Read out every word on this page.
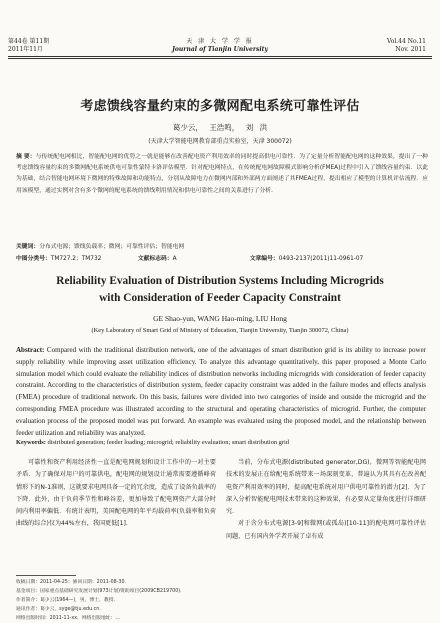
第44卷 第11期
2011年11月
天 津 大 学 学 报
Journal of Tianjin University
Vol.44 No.11
Nov. 2011
考虑馈线容量约束的多微网配电系统可靠性评估
葛少云， 王浩鸣， 刘 洪
(天津大学智能电网教育部重点实验室，天津 300072)
摘 要：与传统配电网相比，智能配电网的优势之一就是能够在改善配电资产利用效率的同时提高供电可靠性．为了定量分析智能配电网的这种效果，提出了一种考虑馈线容量约束的多微网配电系统供电可靠性蒙特卡洛评估模型．针对配电网特点，在传统配电网故障模式影响分析(FMEA)过程中引入了馈线容量约束．以此为基础，结合智能电网环境下微网的特殊故障和功能特点，分别从故障电力在微网内部和外部两方面阐述了其FMEA过程，提出相应了模型的计算机评估流程．应用该模型，通过实例对含有多个微网的配电系统的馈线利用情况和供电可靠性之间的关系进行了分析．
关键词：分布式电源；馈线负载率；微网；可靠性评估；智能电网
中图分类号：TM727.2；TM732	文献标志码：A	文章编号：0493-2137(2011)11-0961-07
Reliability Evaluation of Distribution Systems Including Microgrids
with Consideration of Feeder Capacity Constraint
GE Shao-yun, WANG Hao-ming, LIU Hong
(Key Laboratory of Smart Grid of Ministry of Education, Tianjin University, Tianjin 300072, China)
Abstract: Compared with the traditional distribution network, one of the advantages of smart distribution grid is its ability to increase power supply reliability while improving asset utilization efficiency. To analyze this advantage quantitatively, this paper proposed a Monte Carlo simulation model which could evaluate the reliability indices of distribution networks including microgrids with consideration of feeder capacity constraint. According to the characteristics of distribution system, feeder capacity constraint was added in the failure modes and effects analysis (FMEA) procedure of traditional network. On this basis, failures were divided into two categories of inside and outside the microgrid and the corresponding FMEA procedure was illustrated according to the structural and operating characteristics of microgrid. Further, the computer evaluation process of the proposed model was put forward. An example was evaluated using the proposed model, and the relationship between feeder utilization and reliability was analyzed.
Keywords: distributed generation; feeder loading; microgrid; reliability evaluation; smart distribution grid
可靠性和资产利用经济性一直是配电网规划和设计工作中的一对主要矛盾．为了确保对用户的可靠供电，配电网的规划设计通常需要遵循峰荷情形下的N-1准则，这就要求电网具备一定的冗余度，造成了设备负载率的下降．此外，由于负荷季节性和峰谷差，更加导致了配电网资产大部分时间内利用率偏低．有统计表明，美国配电网的年平均载荷率(负载率和负荷曲线的综合)仅为44%左右，我国更低[1]．
当前，分布式电源(distributed generator,DG)，微网等智能配电网技术的发展正在给配电系统带来一场深刻变革，普遍认为其具有在改善配电资产利用效率的同时，提高配电系统对用户供电可靠性的潜力[2]．为了深入分析智能配电网技术带来的这种效果，有必要从定量角度进行详细研究．
对于含分布式电源[3-9]和微网(或孤岛)[10-11]的配电网可靠性评估问题，已有国内外学者开展了卓有成
收稿日期：2011-04-25；修回日期：2011-08-30．
基金项目：国家重点基础研究发展计划(973计划)资助项目(2009CB219700)．
作者简介：葛少云(1964—)，男，博士，教授．
通讯作者：葛少云，syge@tju.edu.cn．
网络出版时间：2011-11-xx．网络出版地址：...
